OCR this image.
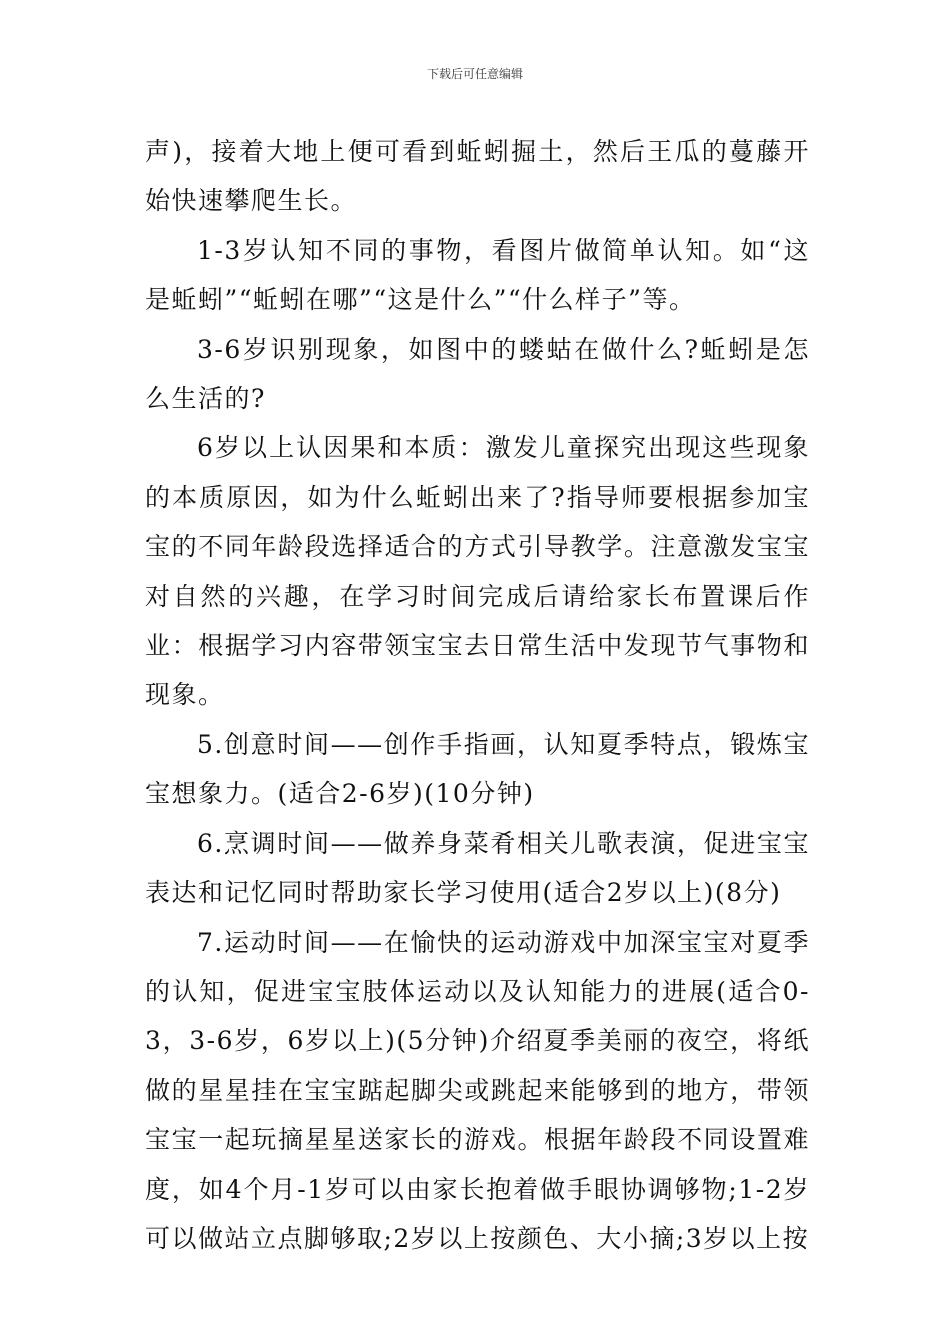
下载后可任意编辑

声)，接着大地上便可看到蚯蚓掘土，然后王瓜的蔓藤开始快速攀爬生长。

1-3岁认知不同的事物，看图片做简单认知。如“这是蚯蚓”“蚯蚓在哪”“这是什么”“什么样子”等。

3-6岁识别现象，如图中的蝼蛄在做什么?蚯蚓是怎么生活的?

6岁以上认因果和本质：激发儿童探究出现这些现象的本质原因，如为什么蚯蚓出来了?指导师要根据参加宝宝的不同年龄段选择适合的方式引导教学。注意激发宝宝对自然的兴趣，在学习时间完成后请给家长布置课后作业：根据学习内容带领宝宝去日常生活中发现节气事物和现象。

5.创意时间——创作手指画，认知夏季特点，锻炼宝宝想象力。(适合2-6岁)(10分钟)

6.烹调时间——做养身菜肴相关儿歌表演，促进宝宝表达和记忆同时帮助家长学习使用(适合2岁以上)(8分)

7.运动时间——在愉快的运动游戏中加深宝宝对夏季的认知，促进宝宝肢体运动以及认知能力的进展(适合0-3，3-6岁，6岁以上)(5分钟)介绍夏季美丽的夜空，将纸做的星星挂在宝宝踮起脚尖或跳起来能够到的地方，带领宝宝一起玩摘星星送家长的游戏。根据年龄段不同设置难度，如4个月-1岁可以由家长抱着做手眼协调够物;1-2岁可以做站立点脚够取;2岁以上按颜色、大小摘;3岁以上按
